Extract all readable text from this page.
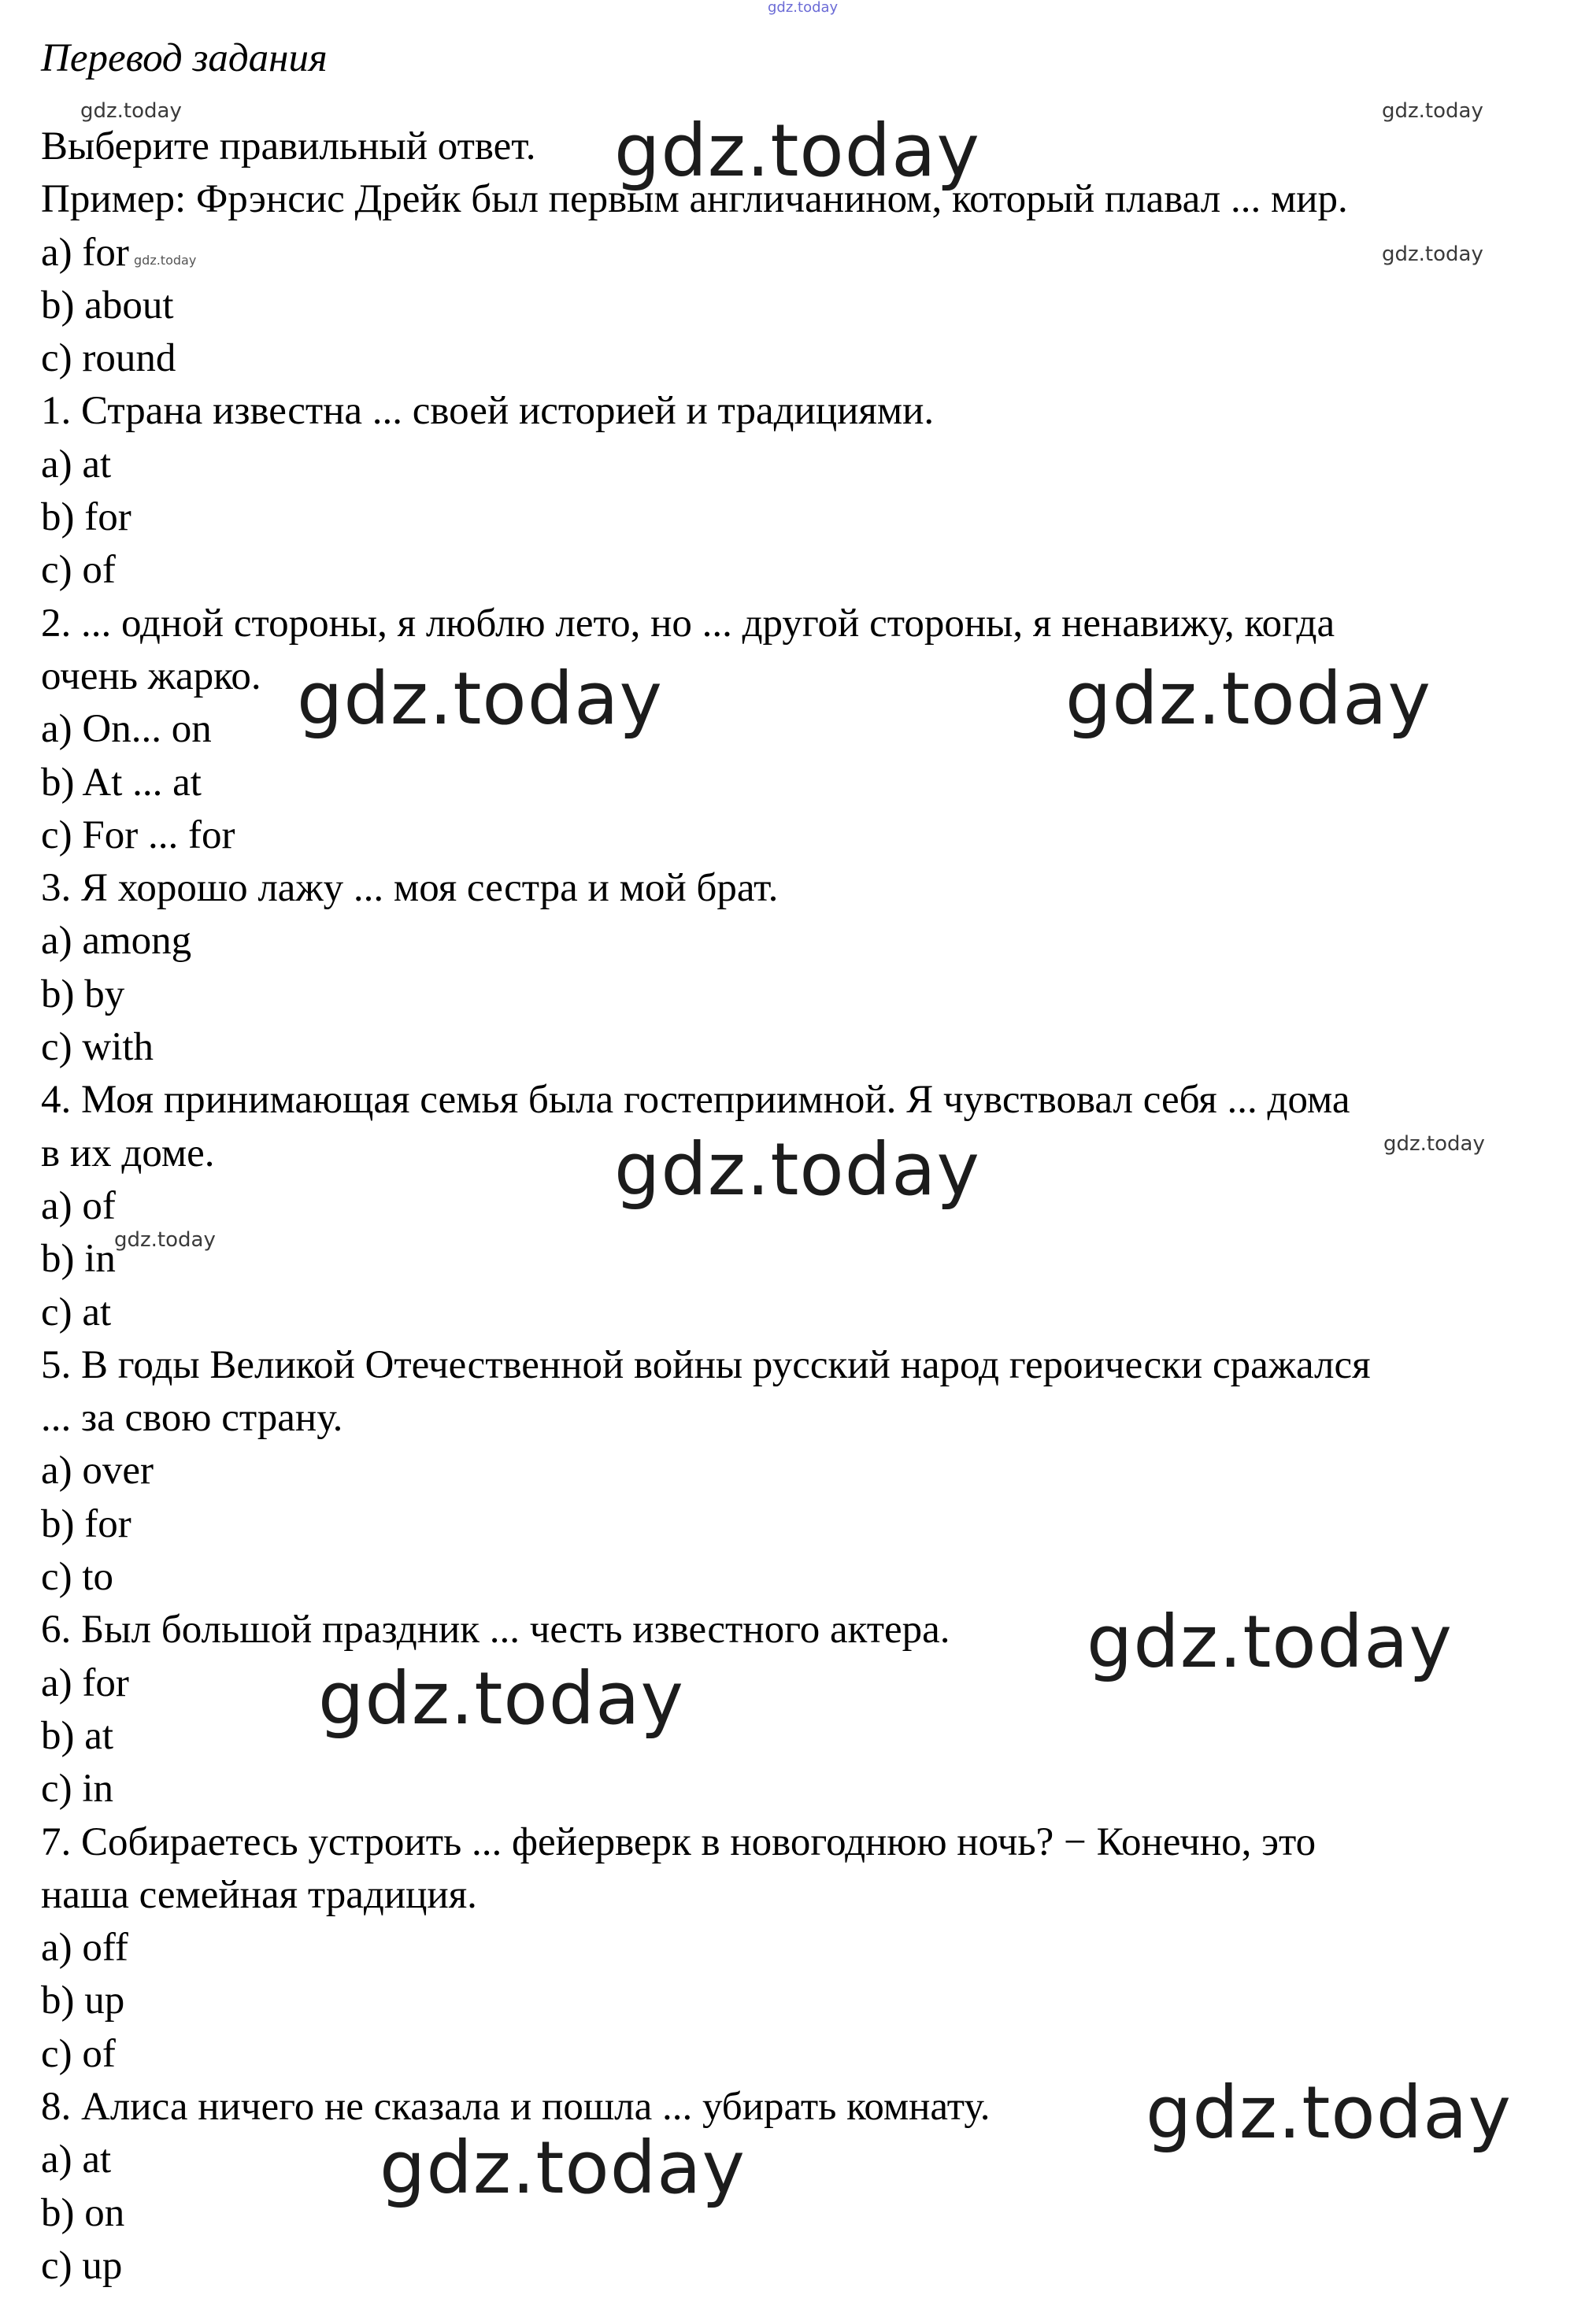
Перевод задания
Выберите правильный ответ.
Пример: Фрэнсис Дрейк был первым англичанином, который плавал ... мир.
a) for
b) about
c) round
1. Страна известна ... своей историей и традициями.
a) at
b) for
c) of
2. ... одной стороны, я люблю лето, но ... другой стороны, я ненавижу, когда
очень жарко.
a) On... on
b) At ... at
c) For ... for
3. Я хорошо лажу ... моя сестра и мой брат.
a) among
b) by
c) with
4. Моя принимающая семья была гостеприимной. Я чувствовал себя ... дома
в их доме.
a) of
b) in
c) at
5. В годы Великой Отечественной войны русский народ героически сражался
... за свою страну.
a) over
b) for
c) to
6. Был большой праздник ... честь известного актера.
a) for
b) at
c) in
7. Собираетесь устроить ... фейерверк в новогоднюю ночь? − Конечно, это
наша семейная традиция.
a) off
b) up
c) of
8. Алиса ничего не сказала и пошла ... убирать комнату.
a) at
b) on
c) up
gdz.today
gdz.today	gdz.today
gdz.today
gdz.today	gdz.today
gdz.today	gdz.today
gdz.today
gdz.today
gdz.today
gdz.today
gdz.today
gdz.today
gdz.today
